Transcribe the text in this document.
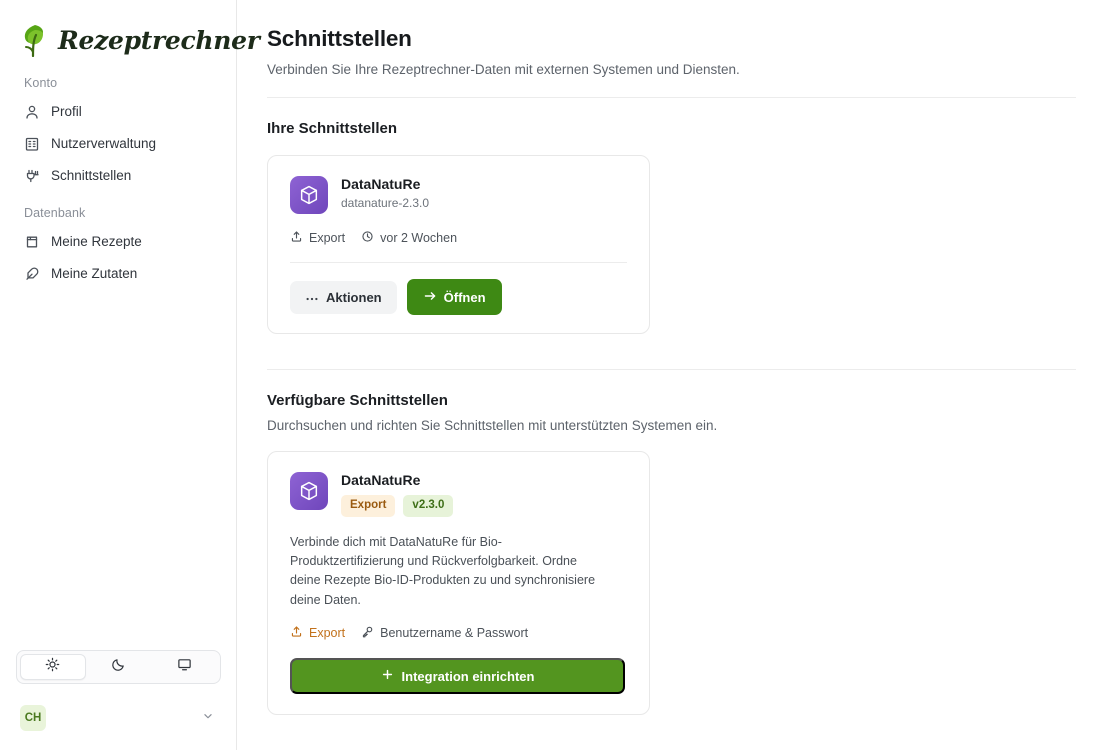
Rezeptrechner
Konto
Profil
Nutzerverwaltung
Schnittstellen
Datenbank
Meine Rezepte
Meine Zutaten
CH
Schnittstellen

Verbinden Sie Ihre Rezeptrechner-Daten mit externen Systemen und Diensten.

Ihre Schnittstellen
DataNatuRe
datanature-2.3.0
Export	vor 2 Wochen
Aktionen	Öffnen
Verfügbare Schnittstellen

Durchsuchen und richten Sie Schnittstellen mit unterstützten Systemen ein.

DataNatuRe
Export	v2.3.0

Verbinde dich mit DataNatuRe für Bio-Produktzertifizierung und Rückverfolgbarkeit. Ordne deine Rezepte Bio-ID-Produkten zu und synchronisiere deine Daten.

Export	Benutzername & Passwort
Integration einrichten
